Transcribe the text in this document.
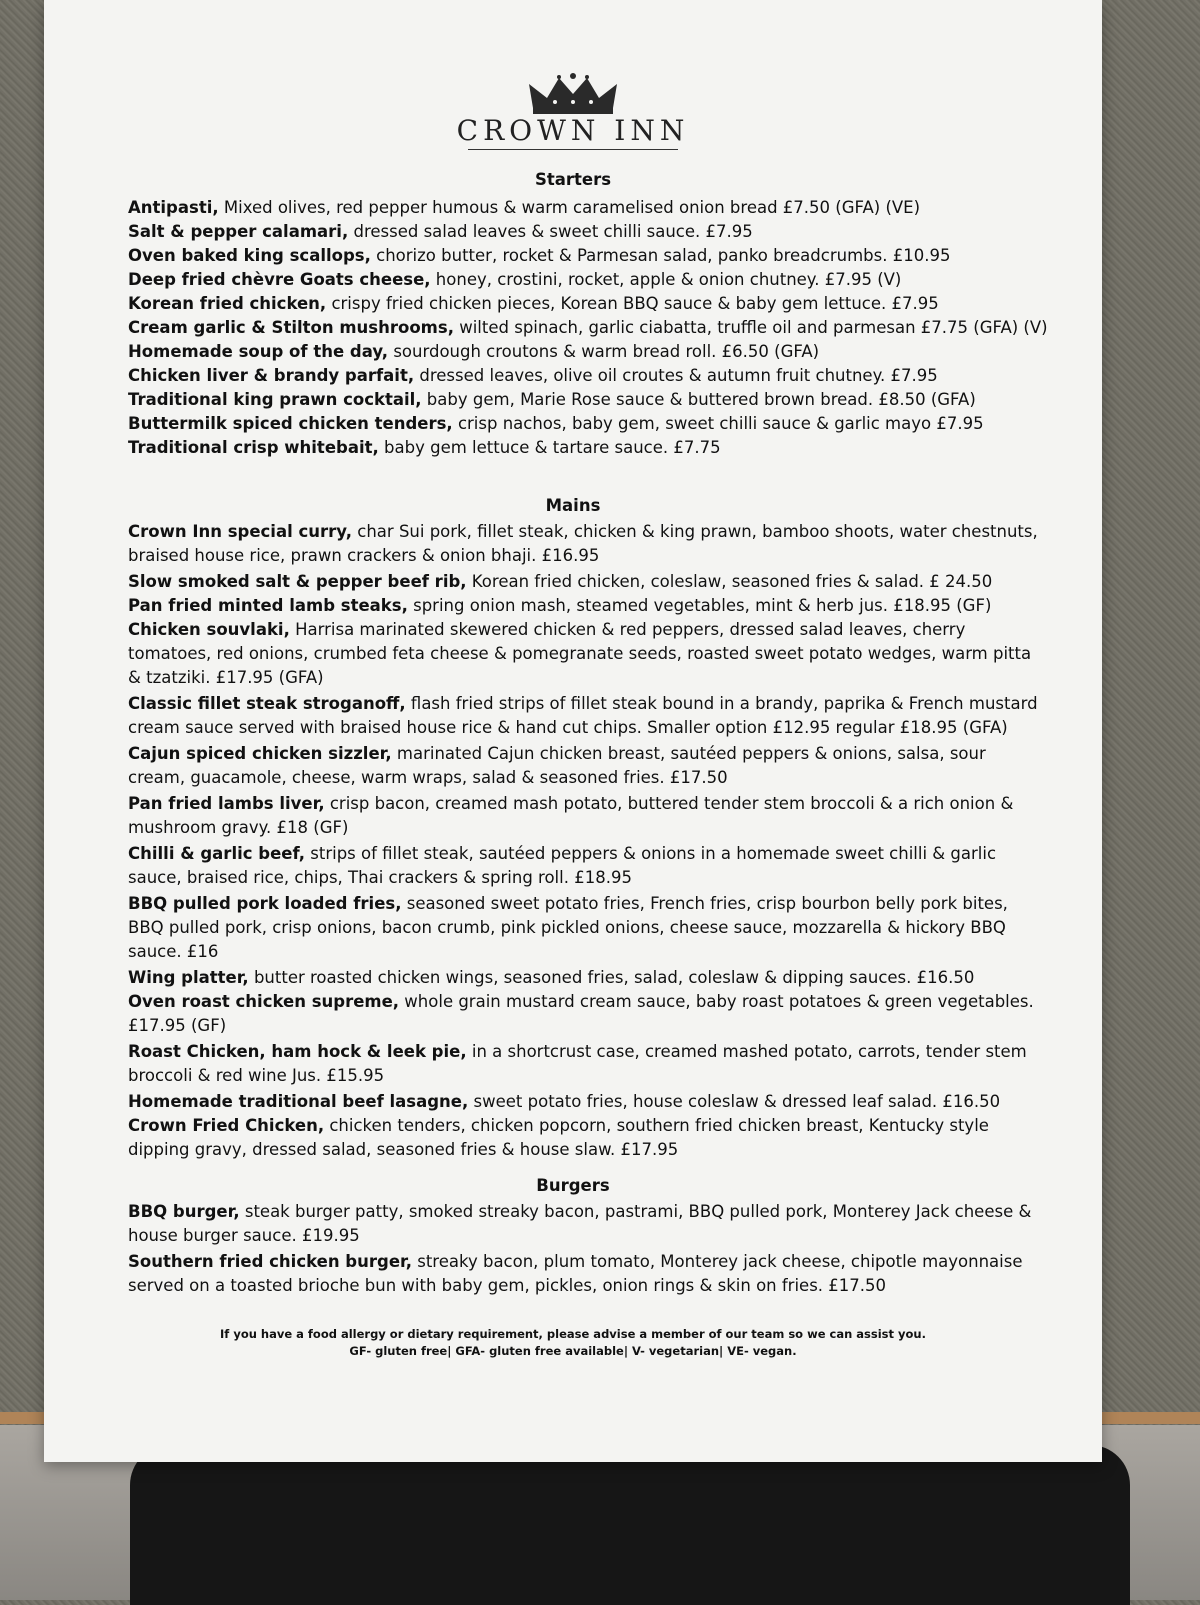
CROWN INN
Starters
Antipasti, Mixed olives, red pepper humous & warm caramelised onion bread £7.50 (GFA) (VE)
Salt & pepper calamari, dressed salad leaves & sweet chilli sauce. £7.95
Oven baked king scallops, chorizo butter, rocket & Parmesan salad, panko breadcrumbs. £10.95
Deep fried chèvre Goats cheese, honey, crostini, rocket, apple & onion chutney. £7.95 (V)
Korean fried chicken, crispy fried chicken pieces, Korean BBQ sauce & baby gem lettuce. £7.95
Cream garlic & Stilton mushrooms, wilted spinach, garlic ciabatta, truffle oil and parmesan £7.75 (GFA) (V)
Homemade soup of the day, sourdough croutons & warm bread roll. £6.50 (GFA)
Chicken liver & brandy parfait, dressed leaves, olive oil croutes & autumn fruit chutney. £7.95
Traditional king prawn cocktail, baby gem, Marie Rose sauce & buttered brown bread. £8.50 (GFA)
Buttermilk spiced chicken tenders, crisp nachos, baby gem, sweet chilli sauce & garlic mayo £7.95
Traditional crisp whitebait, baby gem lettuce & tartare sauce. £7.75
Mains
Crown Inn special curry, char Sui pork, fillet steak, chicken & king prawn, bamboo shoots, water chestnuts, braised house rice, prawn crackers & onion bhaji. £16.95
Slow smoked salt & pepper beef rib, Korean fried chicken, coleslaw, seasoned fries & salad. £ 24.50
Pan fried minted lamb steaks, spring onion mash, steamed vegetables, mint & herb jus. £18.95 (GF)
Chicken souvlaki, Harrisa marinated skewered chicken & red peppers, dressed salad leaves, cherry tomatoes, red onions, crumbed feta cheese & pomegranate seeds, roasted sweet potato wedges, warm pitta & tzatziki. £17.95 (GFA)
Classic fillet steak stroganoff, flash fried strips of fillet steak bound in a brandy, paprika & French mustard cream sauce served with braised house rice & hand cut chips. Smaller option £12.95 regular £18.95 (GFA)
Cajun spiced chicken sizzler, marinated Cajun chicken breast, sautéed peppers & onions, salsa, sour cream, guacamole, cheese, warm wraps, salad & seasoned fries. £17.50
Pan fried lambs liver, crisp bacon, creamed mash potato, buttered tender stem broccoli & a rich onion & mushroom gravy. £18 (GF)
Chilli & garlic beef, strips of fillet steak, sautéed peppers & onions in a homemade sweet chilli & garlic sauce, braised rice, chips, Thai crackers & spring roll. £18.95
BBQ pulled pork loaded fries, seasoned sweet potato fries, French fries, crisp bourbon belly pork bites, BBQ pulled pork, crisp onions, bacon crumb, pink pickled onions, cheese sauce, mozzarella & hickory BBQ sauce. £16
Wing platter, butter roasted chicken wings, seasoned fries, salad, coleslaw & dipping sauces. £16.50
Oven roast chicken supreme, whole grain mustard cream sauce, baby roast potatoes & green vegetables. £17.95 (GF)
Roast Chicken, ham hock & leek pie, in a shortcrust case, creamed mashed potato, carrots, tender stem broccoli & red wine Jus. £15.95
Homemade traditional beef lasagne, sweet potato fries, house coleslaw & dressed leaf salad. £16.50
Crown Fried Chicken, chicken tenders, chicken popcorn, southern fried chicken breast, Kentucky style dipping gravy, dressed salad, seasoned fries & house slaw. £17.95
Burgers
BBQ burger, steak burger patty, smoked streaky bacon, pastrami, BBQ pulled pork, Monterey Jack cheese & house burger sauce. £19.95
Southern fried chicken burger, streaky bacon, plum tomato, Monterey jack cheese, chipotle mayonnaise served on a toasted brioche bun with baby gem, pickles, onion rings & skin on fries. £17.50
If you have a food allergy or dietary requirement, please advise a member of our team so we can assist you.
GF- gluten free| GFA- gluten free available| V- vegetarian| VE- vegan.
